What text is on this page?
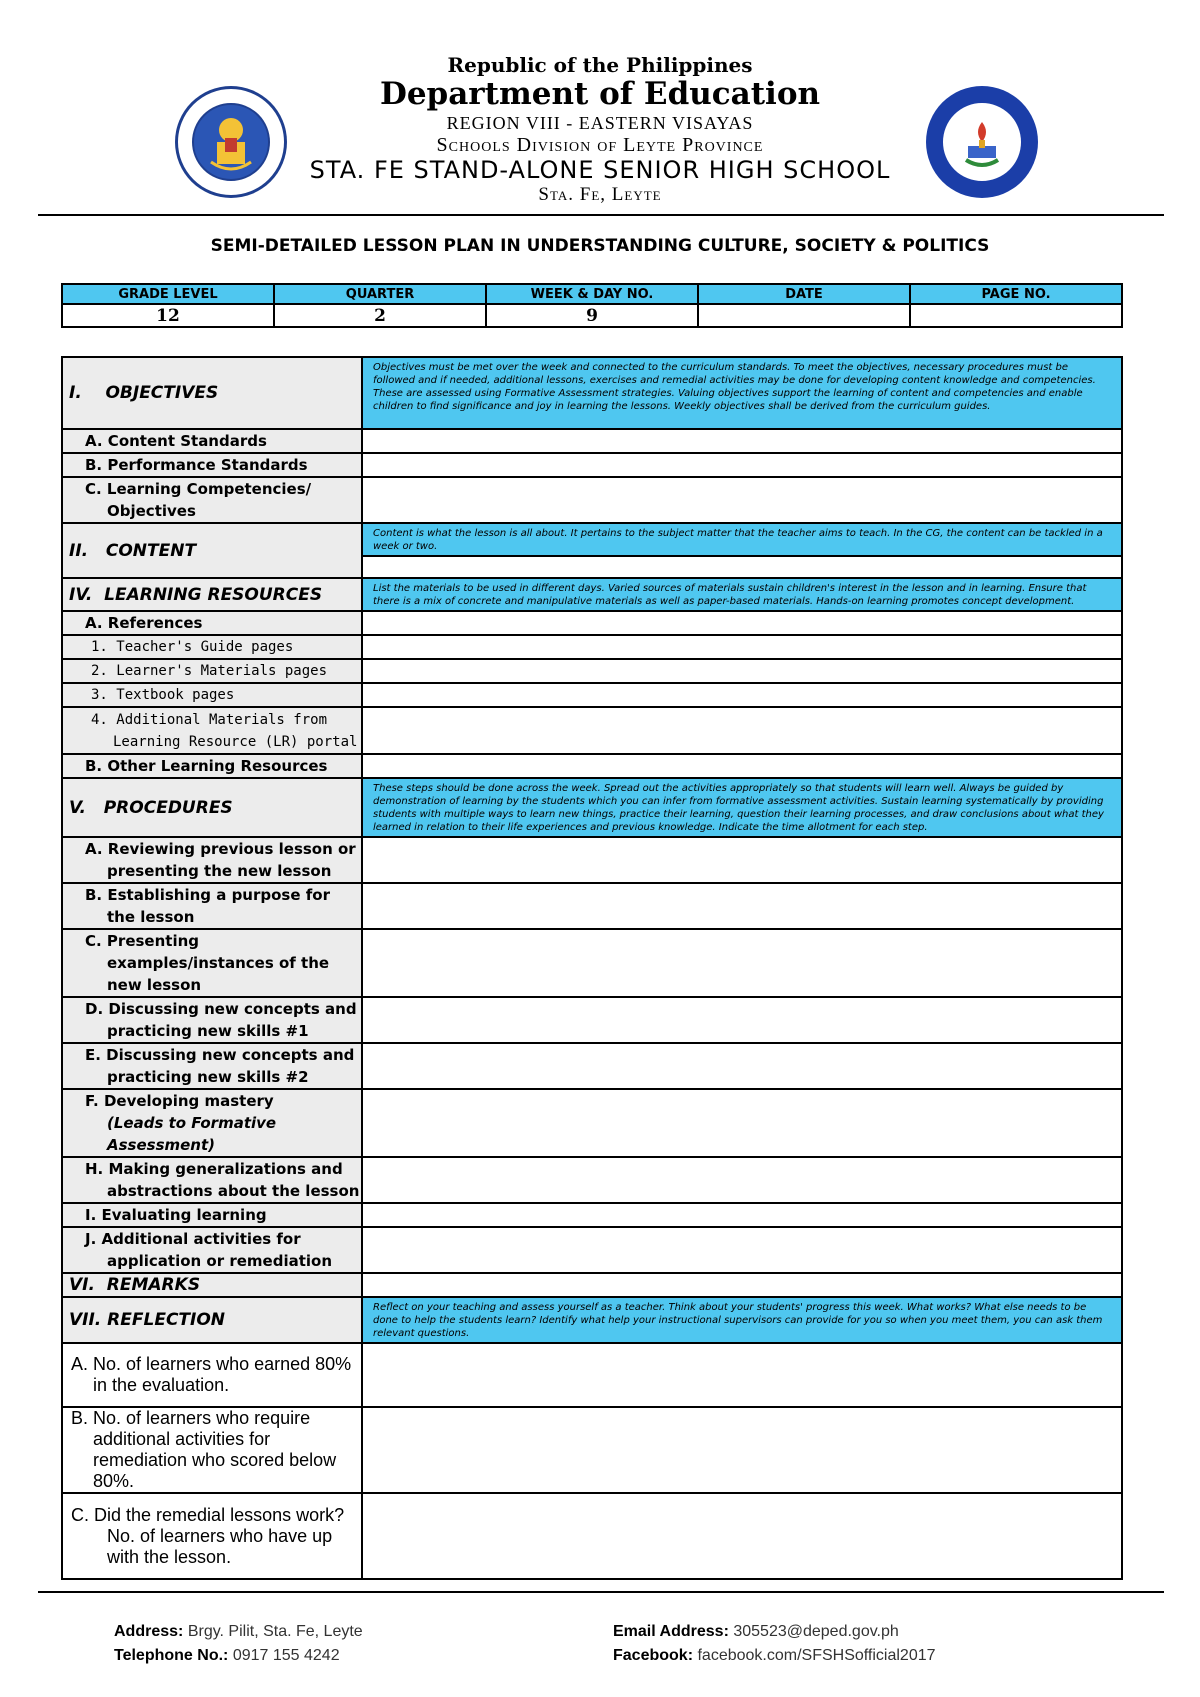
Republic of the Philippines
Department of Education
REGION VIII - EASTERN VISAYAS
Schools Division of Leyte Province
STA. FE STAND-ALONE SENIOR HIGH SCHOOL
Sta. Fe, Leyte
SEMI-DETAILED LESSON PLAN IN UNDERSTANDING CULTURE, SOCIETY & POLITICS
GRADE LEVEL	QUARTER	WEEK & DAY NO.	DATE	PAGE NO.
12	2	9		
I.    OBJECTIVES	Objectives must be met over the week and connected to the curriculum standards. To meet the objectives, necessary procedures must be followed and if needed, additional lessons, exercises and remedial activities may be done for developing content knowledge and competencies. These are assessed using Formative Assessment strategies. Valuing objectives support the learning of content and competencies and enable children to find significance and joy in learning the lessons. Weekly objectives shall be derived from the curriculum guides.
A. Content Standards	
B. Performance Standards	

C. Learning Competencies/ Objectives	

II.   CONTENT	Content is what the lesson is all about. It pertains to the subject matter that the teacher aims to teach. In the CG, the content can be tackled in a week or two.

IV.  LEARNING RESOURCES	List the materials to be used in different days. Varied sources of materials sustain children's interest in the lesson and in learning. Ensure that there is a mix of concrete and manipulative materials as well as paper-based materials. Hands-on learning promotes concept development.
A. References	
1. Teacher's Guide pages	
2. Learner's Materials pages	
3. Textbook pages	

4. Additional Materials from Learning Resource (LR) portal	

B. Other Learning Resources	
V.   PROCEDURES	These steps should be done across the week. Spread out the activities appropriately so that students will learn well. Always be guided by demonstration of learning by the students which you can infer from formative assessment activities. Sustain learning systematically by providing students with multiple ways to learn new things, practice their learning, question their learning processes, and draw conclusions about what they learned in relation to their life experiences and previous knowledge. Indicate the time allotment for each step.

A. Reviewing previous lesson or presenting the new lesson	

B. Establishing a purpose for the lesson	

C. Presenting examples/instances of the new lesson	

D. Discussing new concepts and practicing new skills #1	

E. Discussing new concepts and practicing new skills #2	

F. Developing mastery
(Leads to Formative Assessment)	

H. Making generalizations and abstractions about the lesson	

I. Evaluating learning	

J. Additional activities for application or remediation	

VI.  REMARKS	
VII. REFLECTION	Reflect on your teaching and assess yourself as a teacher. Think about your students' progress this week. What works? What else needs to be done to help the students learn? Identify what help your instructional supervisors can provide for you so when you meet them, you can ask them relevant questions.

A. No. of learners who earned 80% in the evaluation.	

B. No. of learners who require additional activities for remediation who scored below 80%.	

C. Did the remedial lessons work?
No. of learners who have up with the lesson.	

Address: Brgy. Pilit, Sta. Fe, Leyte
Telephone No.: 0917 155 4242
Email Address: 305523@deped.gov.ph
Facebook: facebook.com/SFSHSofficial2017
